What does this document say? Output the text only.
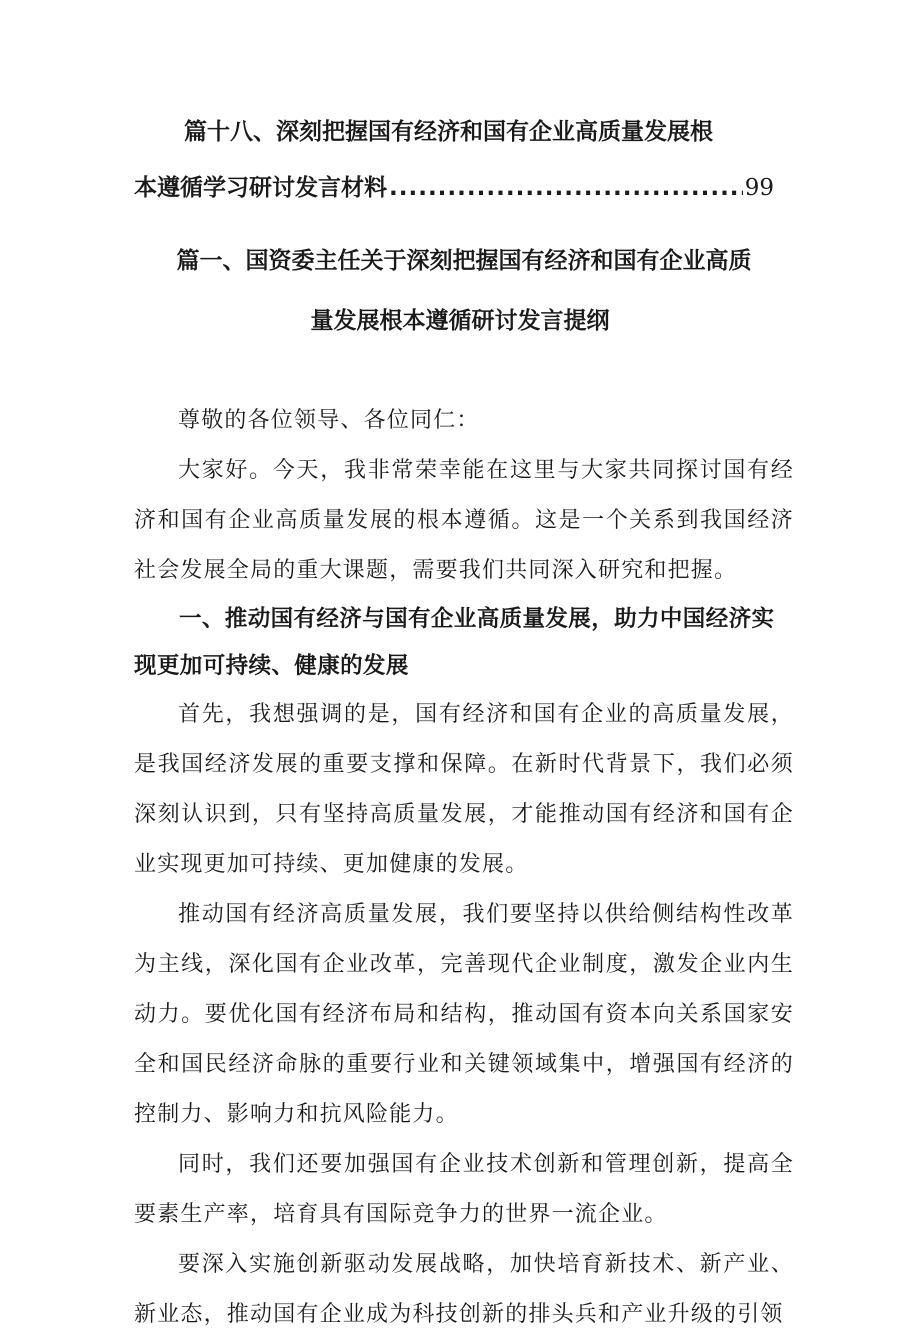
篇十八、深刻把握国有经济和国有企业高质量发展根
本遵循学习研讨发言材料
.....	99
篇一、国资委主任关于深刻把握国有经济和国有企业高质
量发展根本遵循研讨发言提纲

尊敬的各位领导、各位同仁：

大家好。今天，我非常荣幸能在这里与大家共同探讨国有经济和国有企业高质量发展的根本遵循。这是一个关系到我国经济社会发展全局的重大课题，需要我们共同深入研究和把握。

一、推动国有经济与国有企业高质量发展，助力中国经济实现更加可持续、健康的发展

首先，我想强调的是，国有经济和国有企业的高质量发展，是我国经济发展的重要支撑和保障。在新时代背景下，我们必须深刻认识到，只有坚持高质量发展，才能推动国有经济和国有企业实现更加可持续、更加健康的发展。

推动国有经济高质量发展，我们要坚持以供给侧结构性改革为主线，深化国有企业改革，完善现代企业制度，激发企业内生动力。要优化国有经济布局和结构，推动国有资本向关系国家安全和国民经济命脉的重要行业和关键领域集中，增强国有经济的控制力、影响力和抗风险能力。

同时，我们还要加强国有企业技术创新和管理创新，提高全要素生产率，培育具有国际竞争力的世界一流企业。

要深入实施创新驱动发展战略，加快培育新技术、新产业、新业态，推动国有企业成为科技创新的排头兵和产业升级的引领
